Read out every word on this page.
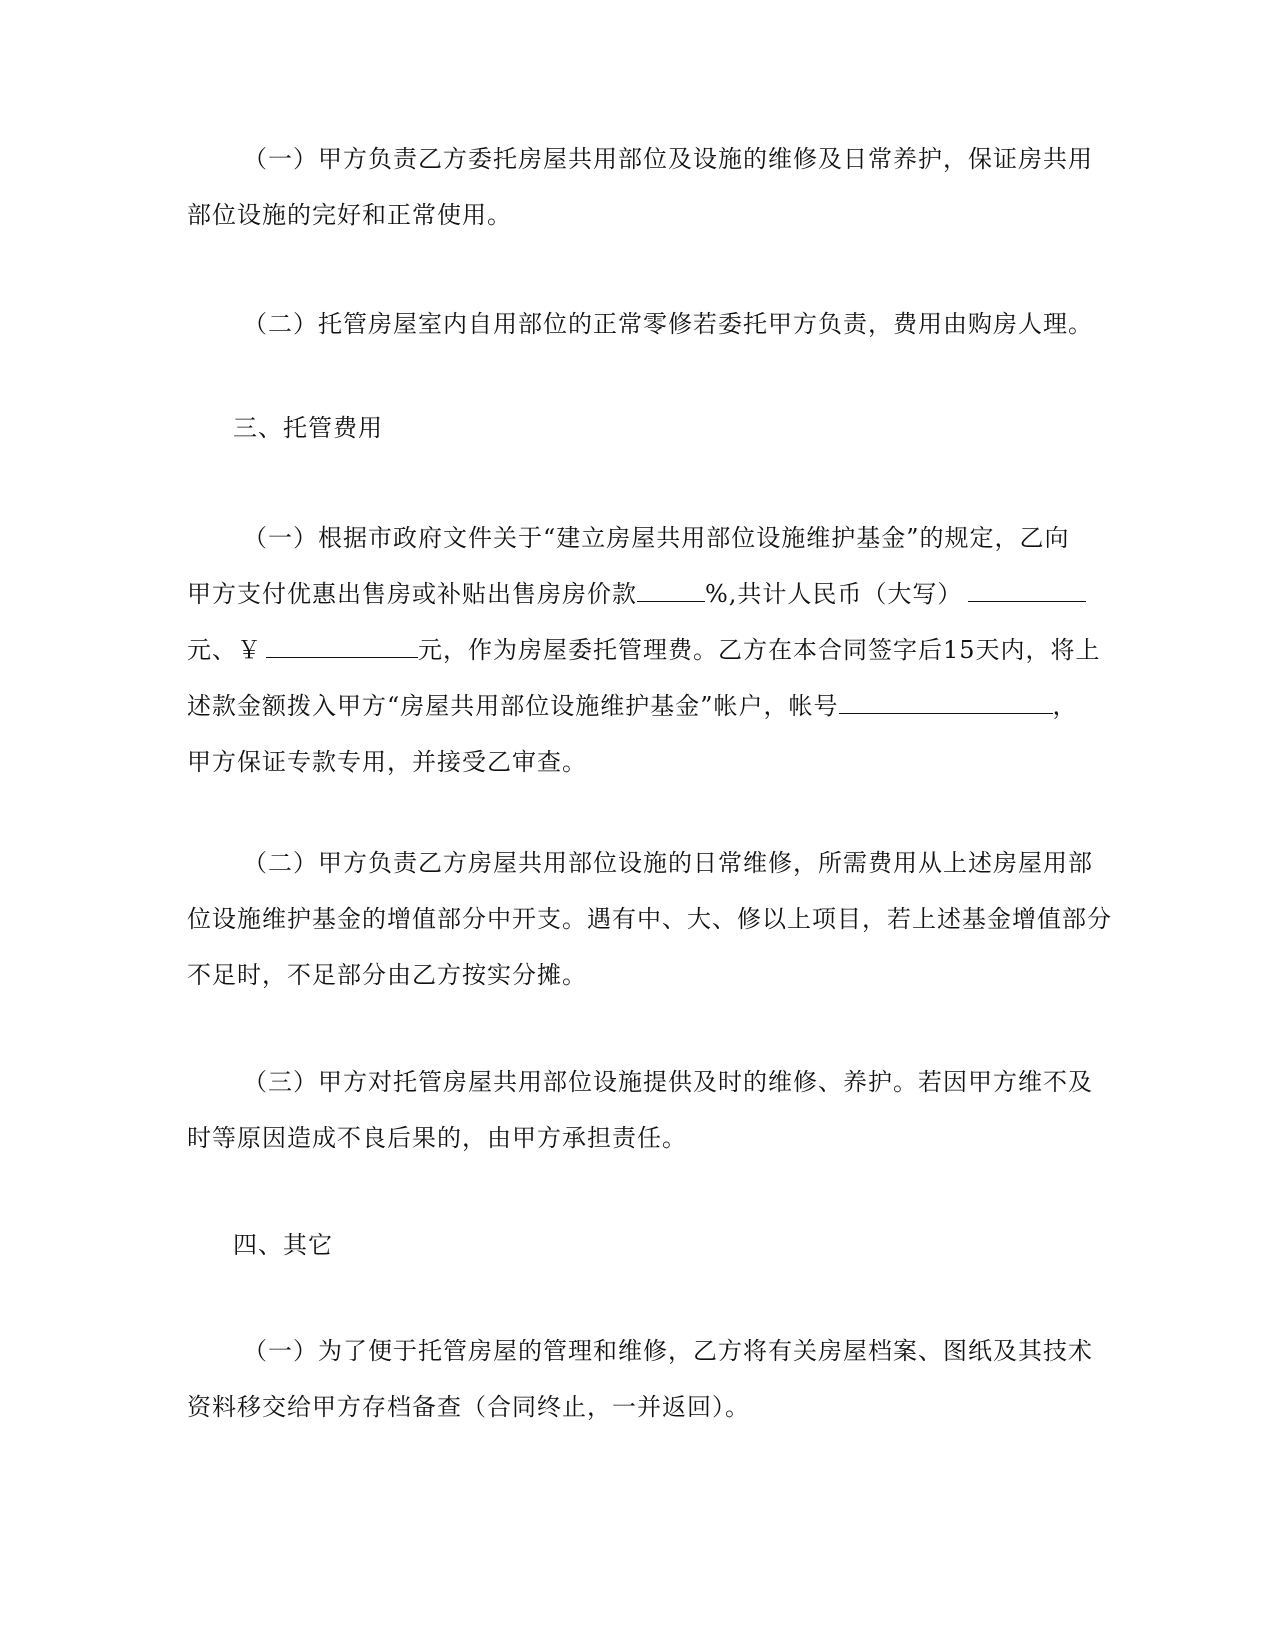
（一）甲方负责乙方委托房屋共用部位及设施的维修及日常养护，保证房共用
部位设施的完好和正常使用。

（二）托管房屋室内自用部位的正常零修若委托甲方负责，费用由购房人理。

三、托管费用

（一）根据市政府文件关于“建立房屋共用部位设施维护基金”的规定，乙向
甲方支付优惠出售房或补贴出售房房价款	%,共计人民币（大写）
元、￥	元，作为房屋委托管理费。乙方在本合同签字后15天内，将上
述款金额拨入甲方“房屋共用部位设施维护基金”帐户，帐号	，
甲方保证专款专用，并接受乙审查。

（二）甲方负责乙方房屋共用部位设施的日常维修，所需费用从上述房屋用部
位设施维护基金的增值部分中开支。遇有中、大、修以上项目，若上述基金增值部分
不足时，不足部分由乙方按实分摊。

（三）甲方对托管房屋共用部位设施提供及时的维修、养护。若因甲方维不及
时等原因造成不良后果的，由甲方承担责任。

四、其它

（一）为了便于托管房屋的管理和维修，乙方将有关房屋档案、图纸及其技术
资料移交给甲方存档备查（合同终止，一并返回）。
